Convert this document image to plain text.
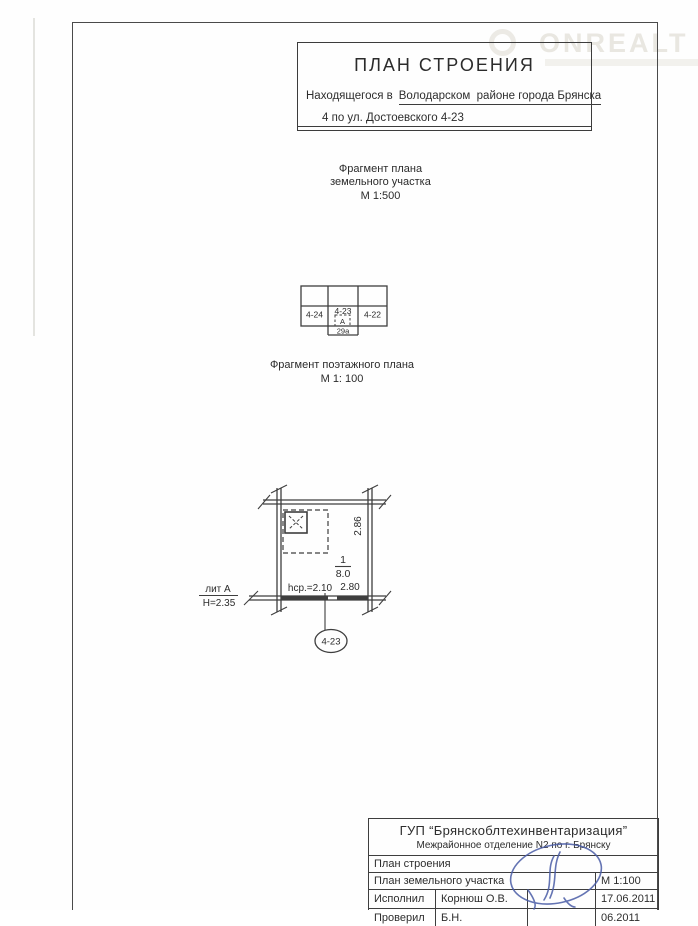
ONREALT
ПЛАН СТРОЕНИЯ
Находящегося в Володарском  районе города Брянска
4 по ул. Достоевского 4-23
Фрагмент плана
земельного участка
М 1:500
4-24 4-23 4-22
А
29а
Фрагмент поэтажного плана
М 1: 100
2.86
1
8.0
hср.=2.10 2.80
4-23
лит А
Н=2.35
ГУП “Брянскоблтехинвентаризация”
Межрайонное отделение N2 по г. Брянску
План строения
План земельного участка	М 1:100
Исполнил	Корнюш О.В.	17.06.2011
Проверил	Б.Н.	06.2011
